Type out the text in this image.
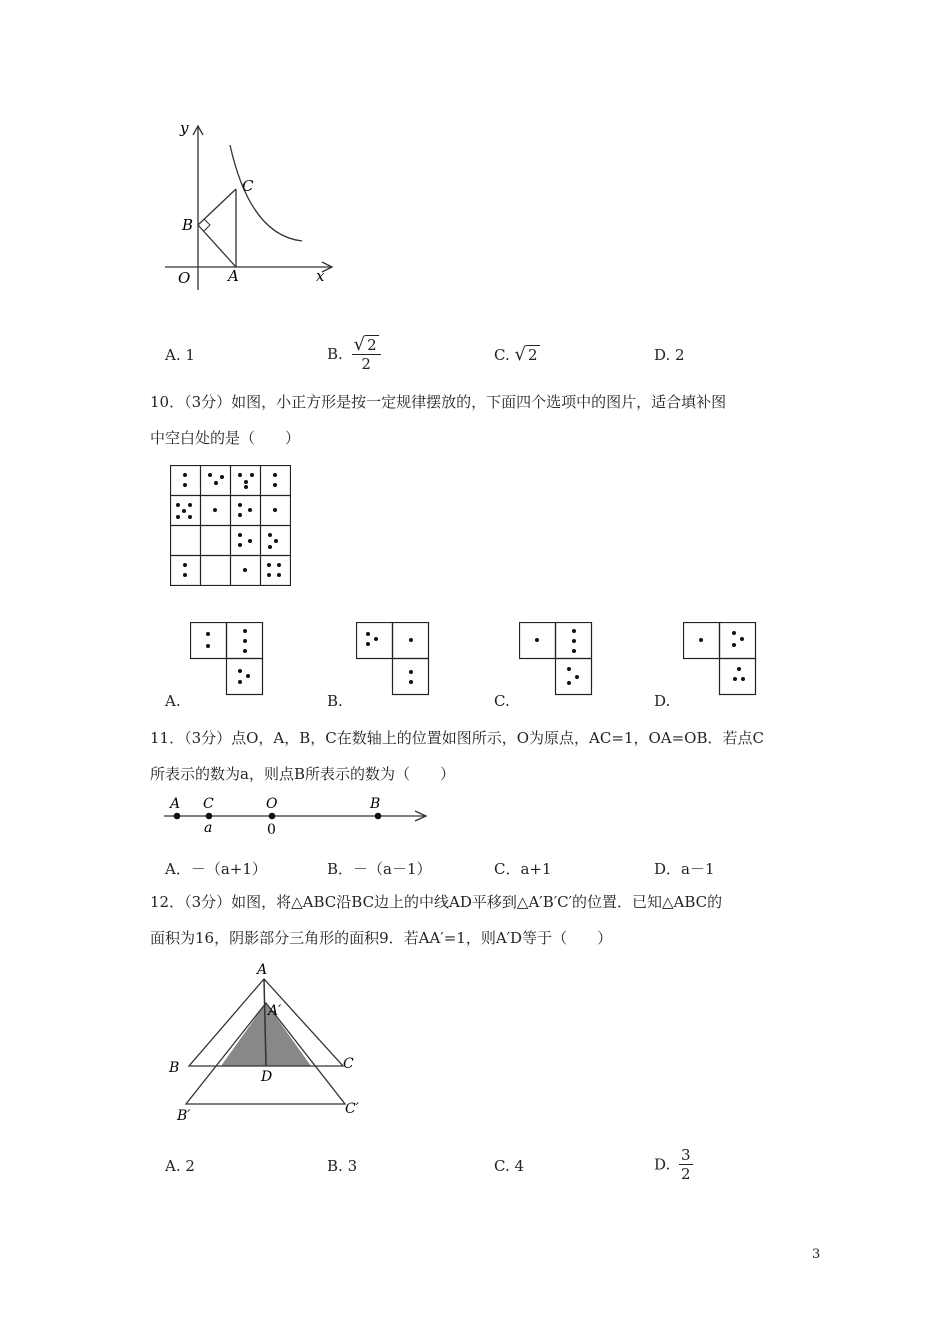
y
x
O	A
B
C
A. 1	B. $\frac{√ 2}{2}$	C. √ 2	D. 2
10．（3分）如图，小正方形是按一定规律摆放的，下面四个选项中的图片，适合填补图
中空白处的是（　　）
A.	B.	C.	D.
11．（3分）点O，A，B，C在数轴上的位置如图所示，O为原点，AC=1，OA=OB．若点C
所表示的数为a，则点B所表示的数为（　　）
A C	O	B
a	0
A．－（a+1）	B．－（a－1）	C．a+1	D．a－1
12．（3分）如图，将△ABC沿BC边上的中线AD平移到△A′B′C′的位置．已知△ABC的
面积为16，阴影部分三角形的面积9．若AA′=1，则A′D等于（　　）
A
A′
B	C
D
B′	C′
A. 2	B. 3	C. 4	D. $\frac{3}{2}$
3
